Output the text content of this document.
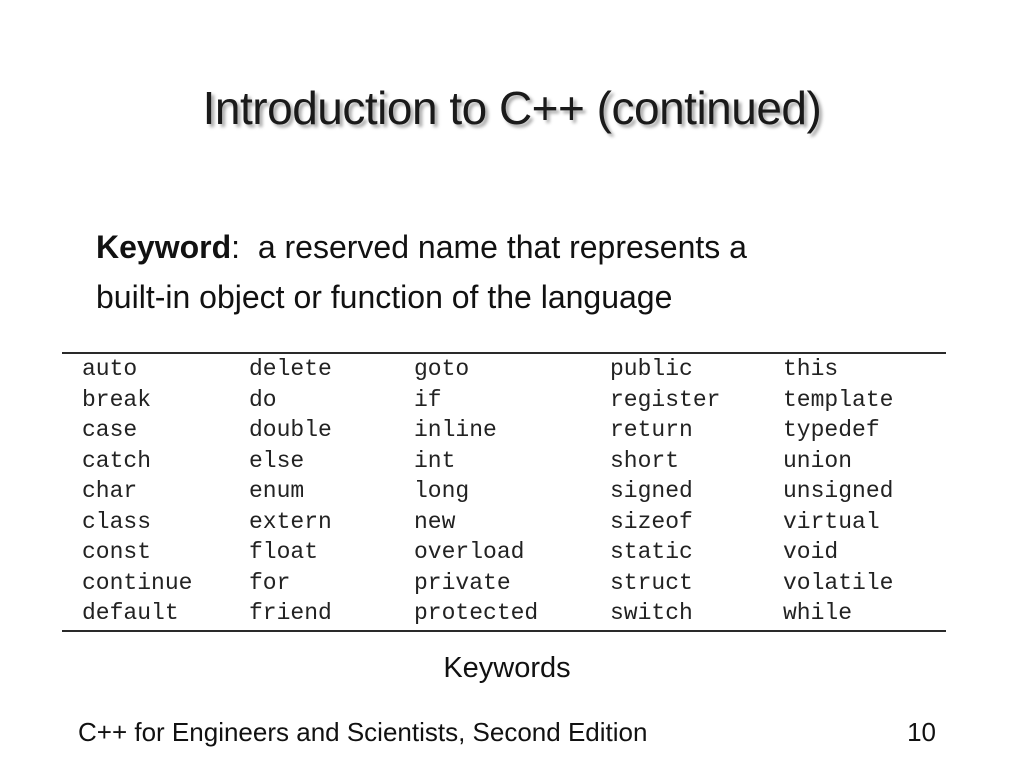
Introduction to C++ (continued)
Keyword: a reserved name that represents a
built-in object or function of the language
auto	delete	goto	public	this
break	do	if	register	template
case	double	inline	return	typedef
catch	else	int	short	union
char	enum	long	signed	unsigned
class	extern	new	sizeof	virtual
const	float	overload	static	void
continue	for	private	struct	volatile
default	friend	protected	switch	while
Keywords
C++ for Engineers and Scientists, Second Edition	10
